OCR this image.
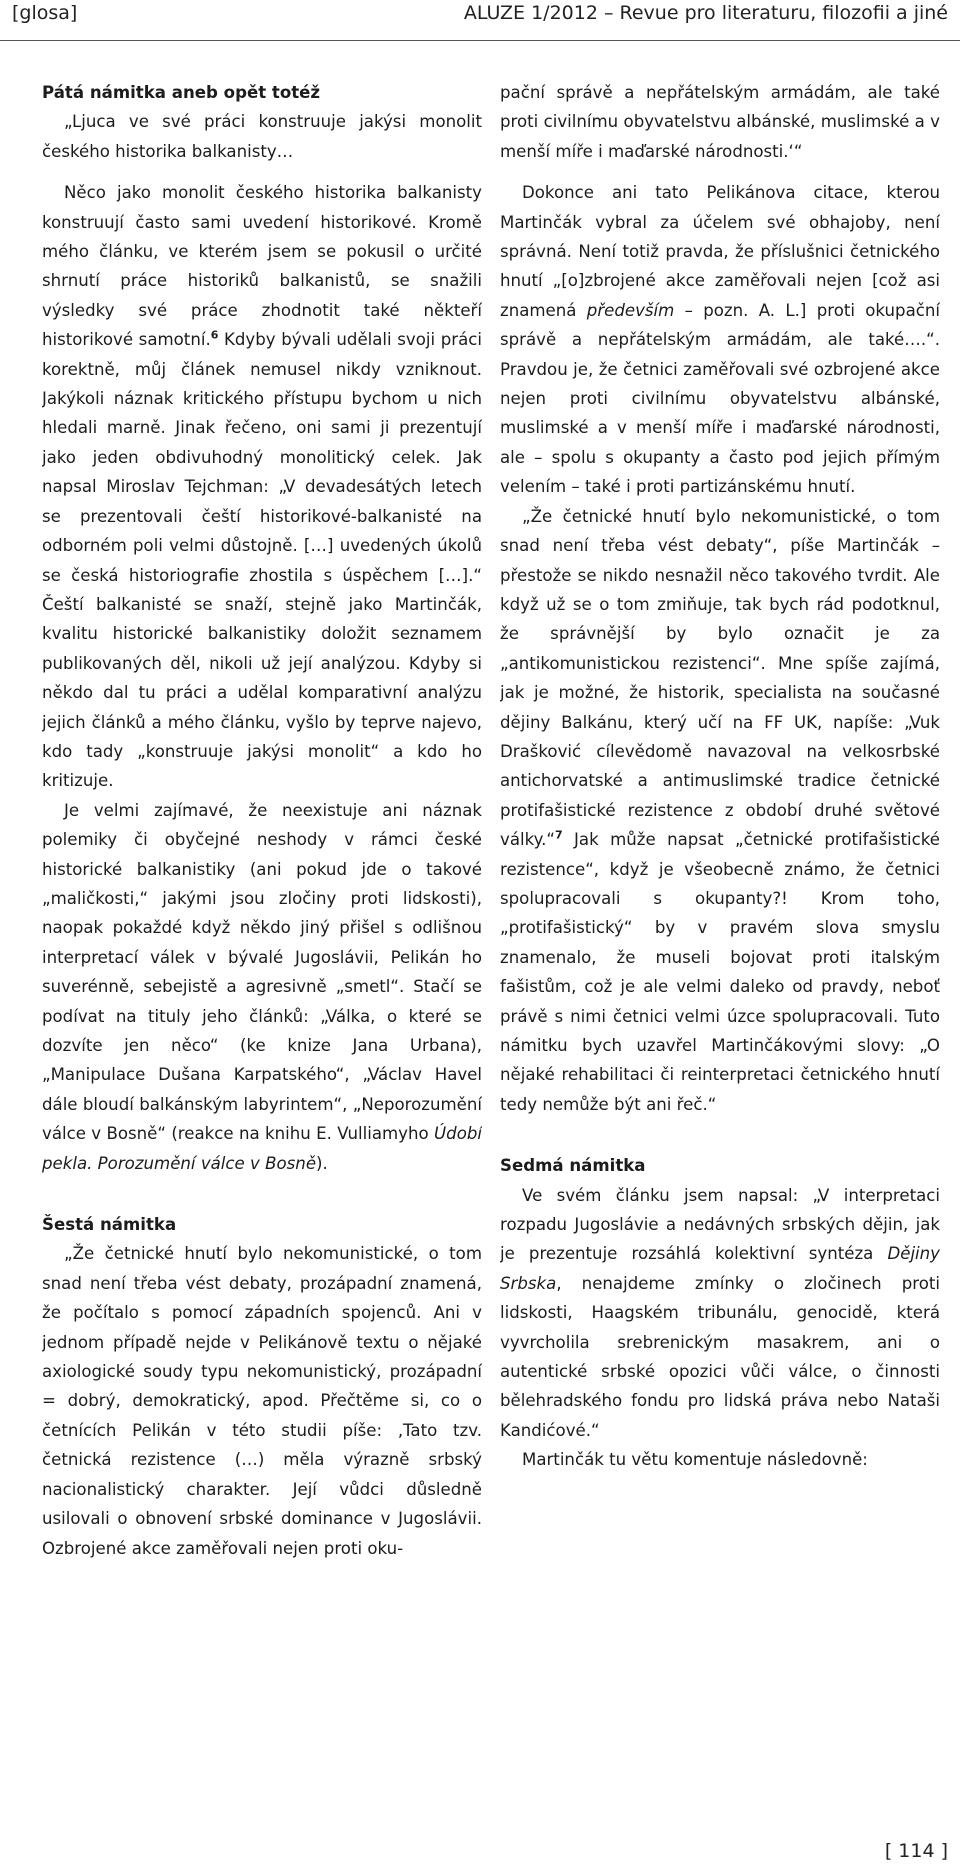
[glosa]	ALUZE 1/2012 – Revue pro literaturu, filozofii a jiné
Pátá námitka aneb opět totéž

„Ljuca ve své práci konstruuje jakýsi monolit českého historika balkanisty…

Něco jako monolit českého historika balkanisty konstruují často sami uvedení historikové. Kromě mého článku, ve kterém jsem se pokusil o určité shrnutí práce historiků balkanistů, se snažili výsledky své práce zhodnotit také někteří historikové samotní.$^6$ Kdyby bývali udělali svoji práci korektně, můj článek nemusel nikdy vzniknout. Jakýkoli náznak kritického přístupu bychom u nich hledali marně. Jinak řečeno, oni sami ji prezentují jako jeden obdivuhodný monolitický celek. Jak napsal Miroslav Tejchman: „V devadesátých letech se prezentovali čeští historikové-balkanisté na odborném poli velmi důstojně. […] uvedených úkolů se česká historiografie zhostila s úspěchem […].“ Čeští balkanisté se snaží, stejně jako Martinčák, kvalitu historické balkanistiky doložit seznamem publikovaných děl, nikoli už její analýzou. Kdyby si někdo dal tu práci a udělal komparativní analýzu jejich článků a mého článku, vyšlo by teprve najevo, kdo tady „konstruuje jakýsi monolit“ a kdo ho kritizuje.

Je velmi zajímavé, že neexistuje ani náznak polemiky či obyčejné neshody v rámci české historické balkanistiky (ani pokud jde o takové „maličkosti,“ jakými jsou zločiny proti lidskosti), naopak pokaždé když někdo jiný přišel s odlišnou interpretací válek v bývalé Jugoslávii, Pelikán ho suverénně, sebejistě a agresivně „smetl“. Stačí se podívat na tituly jeho článků: „Válka, o které se dozvíte jen něco“ (ke knize Jana Urbana), „Manipulace Dušana Karpatského“, „Václav Havel dále bloudí balkánským labyrintem“, „Neporozumění válce v Bosně“ (reakce na knihu E. Vulliamyho Údobí pekla. Porozumění válce v Bosně).

Šestá námitka

„Že četnické hnutí bylo nekomunistické, o tom snad není třeba vést debaty, prozápadní znamená, že počítalo s pomocí západních spojenců. Ani v jednom případě nejde v Pelikánově textu o nějaké axiologické soudy typu nekomunistický, prozápadní = dobrý, demokratický, apod. Přečtěme si, co o četnících Pelikán v této studii píše: ‚Tato tzv. četnická rezistence (…) měla výrazně srbský nacionalistický charakter. Její vůdci důsledně usilovali o obnovení srbské dominance v Jugoslávii. Ozbrojené akce zaměřovali nejen proti oku-

pační správě a nepřátelským armádám, ale také proti civilnímu obyvatelstvu albánské, muslimské a v menší míře i maďarské národnosti.‘“

Dokonce ani tato Pelikánova citace, kterou Martinčák vybral za účelem své obhajoby, není správná. Není totiž pravda, že příslušnici četnického hnutí „[o]zbrojené akce zaměřovali nejen [což asi znamená především – pozn. A. L.] proti okupační správě a nepřátelským armádám, ale také….“. Pravdou je, že četnici zaměřovali své ozbrojené akce nejen proti civilnímu obyvatelstvu albánské, muslimské a v menší míře i maďarské národnosti, ale – spolu s okupanty a často pod jejich přímým velením – také i proti partizánskému hnutí.

„Že četnické hnutí bylo nekomunistické, o tom snad není třeba vést debaty“, píše Martinčák – přestože se nikdo nesnažil něco takového tvrdit. Ale když už se o tom zmiňuje, tak bych rád podotknul, že správnější by bylo označit je za „antikomunistickou rezistenci“. Mne spíše zajímá, jak je možné, že historik, specialista na současné dějiny Balkánu, který učí na FF UK, napíše: „Vuk Drašković cílevědomě navazoval na velkosrbské antichorvatské a antimuslimské tradice četnické protifašistické rezistence z období druhé světové války.“$^7$ Jak může napsat „četnické protifašistické rezistence“, když je všeobecně známo, že četnici spolupracovali s okupanty?! Krom toho, „protifašistický“ by v pravém slova smyslu znamenalo, že museli bojovat proti italským fašistům, což je ale velmi daleko od pravdy, neboť právě s nimi četnici velmi úzce spolupracovali. Tuto námitku bych uzavřel Martinčákovými slovy: „O nějaké rehabilitaci či reinterpretaci četnického hnutí tedy nemůže být ani řeč.“

Sedmá námitka

Ve svém článku jsem napsal: „V interpretaci rozpadu Jugoslávie a nedávných srbských dějin, jak je prezentuje rozsáhlá kolektivní syntéza Dějiny Srbska, nenajdeme zmínky o zločinech proti lidskosti, Haagském tribunálu, genocidě, která vyvrcholila srebrenickým masakrem, ani o autentické srbské opozici vůči válce, o činnosti bělehradského fondu pro lidská práva nebo Nataši Kandićové.“

Martinčák tu větu komentuje následovně:

[ 114 ]
